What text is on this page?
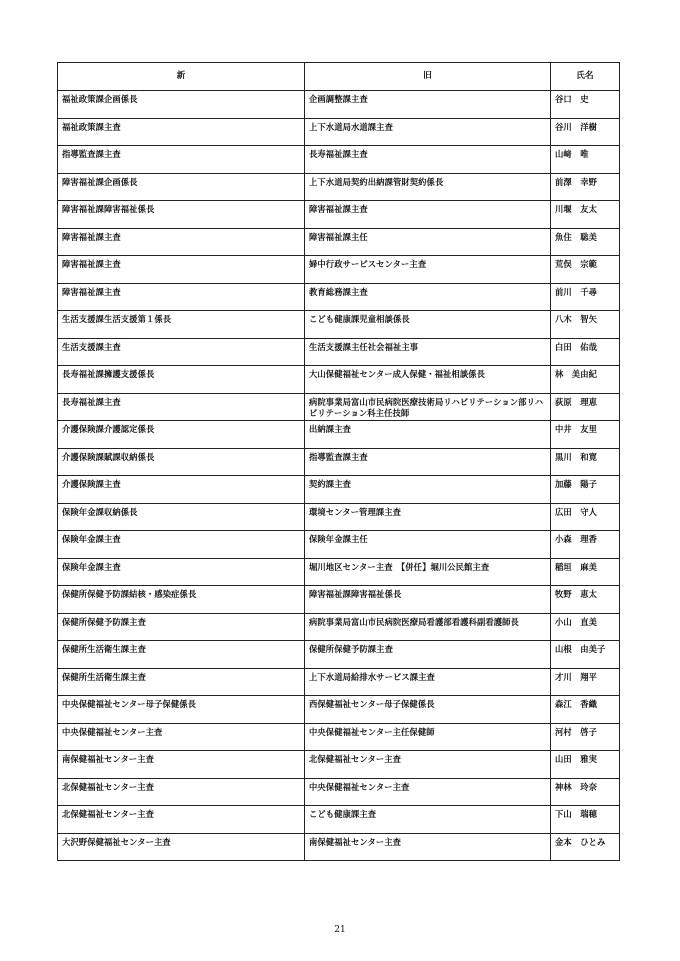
新	旧	氏名
福祉政策課企画係長	企画調整課主査	谷口　史
福祉政策課主査	上下水道局水道課主査	谷川　洋樹
指導監査課主査	長寿福祉課主査	山﨑　唯
障害福祉課企画係長	上下水道局契約出納課管財契約係長	前澤　幸野
障害福祉課障害福祉係長	障害福祉課主査	川堰　友太
障害福祉課主査	障害福祉課主任	魚住　聡美
障害福祉課主査	婦中行政サービスセンター主査	荒俣　宗範
障害福祉課主査	教育総務課主査	前川　千尋
生活支援課生活支援第１係長	こども健康課児童相談係長	八木　智矢
生活支援課主査	生活支援課主任社会福祉主事	白田　佑哉
長寿福祉課擁護支援係長	大山保健福祉センター成人保健・福祉相談係長	林　美由紀
長寿福祉課主査	病院事業局富山市民病院医療技術局リハビリテーション部リハビリテーション科主任技師	荻原　理恵
介護保険課介護認定係長	出納課主査	中井　友里
介護保険課賦課収納係長	指導監査課主査	黒川　和寛
介護保険課主査	契約課主査	加藤　陽子
保険年金課収納係長	環境センター管理課主査	広田　守人
保険年金課主査	保険年金課主任	小森　理香
保険年金課主査	堀川地区センター主査　【併任】堀川公民館主査	稲垣　麻美
保健所保健予防課結核・感染症係長	障害福祉課障害福祉係長	牧野　恵太
保健所保健予防課主査	病院事業局富山市民病院医療局看護部看護科副看護師長	小山　直美
保健所生活衛生課主査	保健所保健予防課主査	山根　由美子
保健所生活衛生課主査	上下水道局給排水サービス課主査	才川　翔平
中央保健福祉センター母子保健係長	西保健福祉センター母子保健係長	森江　香織
中央保健福祉センター主査	中央保健福祉センター主任保健師	河村　啓子
南保健福祉センター主査	北保健福祉センター主査	山田　雅実
北保健福祉センター主査	中央保健福祉センター主査	神林　玲奈
北保健福祉センター主査	こども健康課主査	下山　瑞穂
大沢野保健福祉センター主査	南保健福祉センター主査	金本　ひとみ
21
